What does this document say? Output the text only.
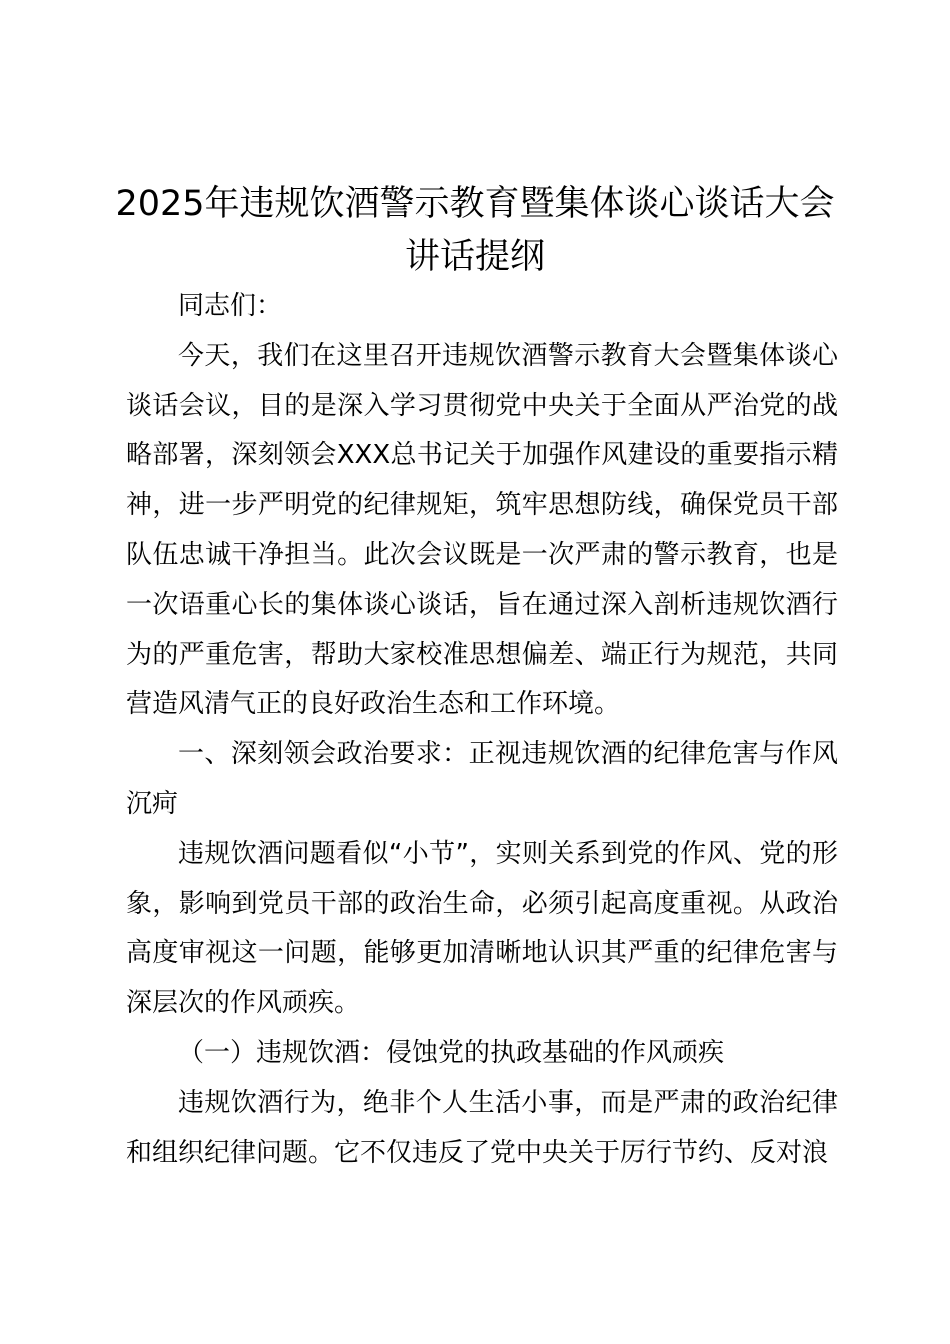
2025年违规饮酒警示教育暨集体谈心谈话大会讲话提纲

同志们：

今天，我们在这里召开违规饮酒警示教育大会暨集体谈心谈话会议，目的是深入学习贯彻党中央关于全面从严治党的战略部署，深刻领会XXX总书记关于加强作风建设的重要指示精神，进一步严明党的纪律规矩，筑牢思想防线，确保党员干部队伍忠诚干净担当。此次会议既是一次严肃的警示教育，也是一次语重心长的集体谈心谈话，旨在通过深入剖析违规饮酒行为的严重危害，帮助大家校准思想偏差、端正行为规范，共同营造风清气正的良好政治生态和工作环境。

一、深刻领会政治要求：正视违规饮酒的纪律危害与作风沉疴

违规饮酒问题看似“小节”，实则关系到党的作风、党的形象，影响到党员干部的政治生命，必须引起高度重视。从政治高度审视这一问题，能够更加清晰地认识其严重的纪律危害与深层次的作风顽疾。

（一）违规饮酒：侵蚀党的执政基础的作风顽疾

违规饮酒行为，绝非个人生活小事，而是严肃的政治纪律和组织纪律问题。它不仅违反了党中央关于厉行节约、反对浪
